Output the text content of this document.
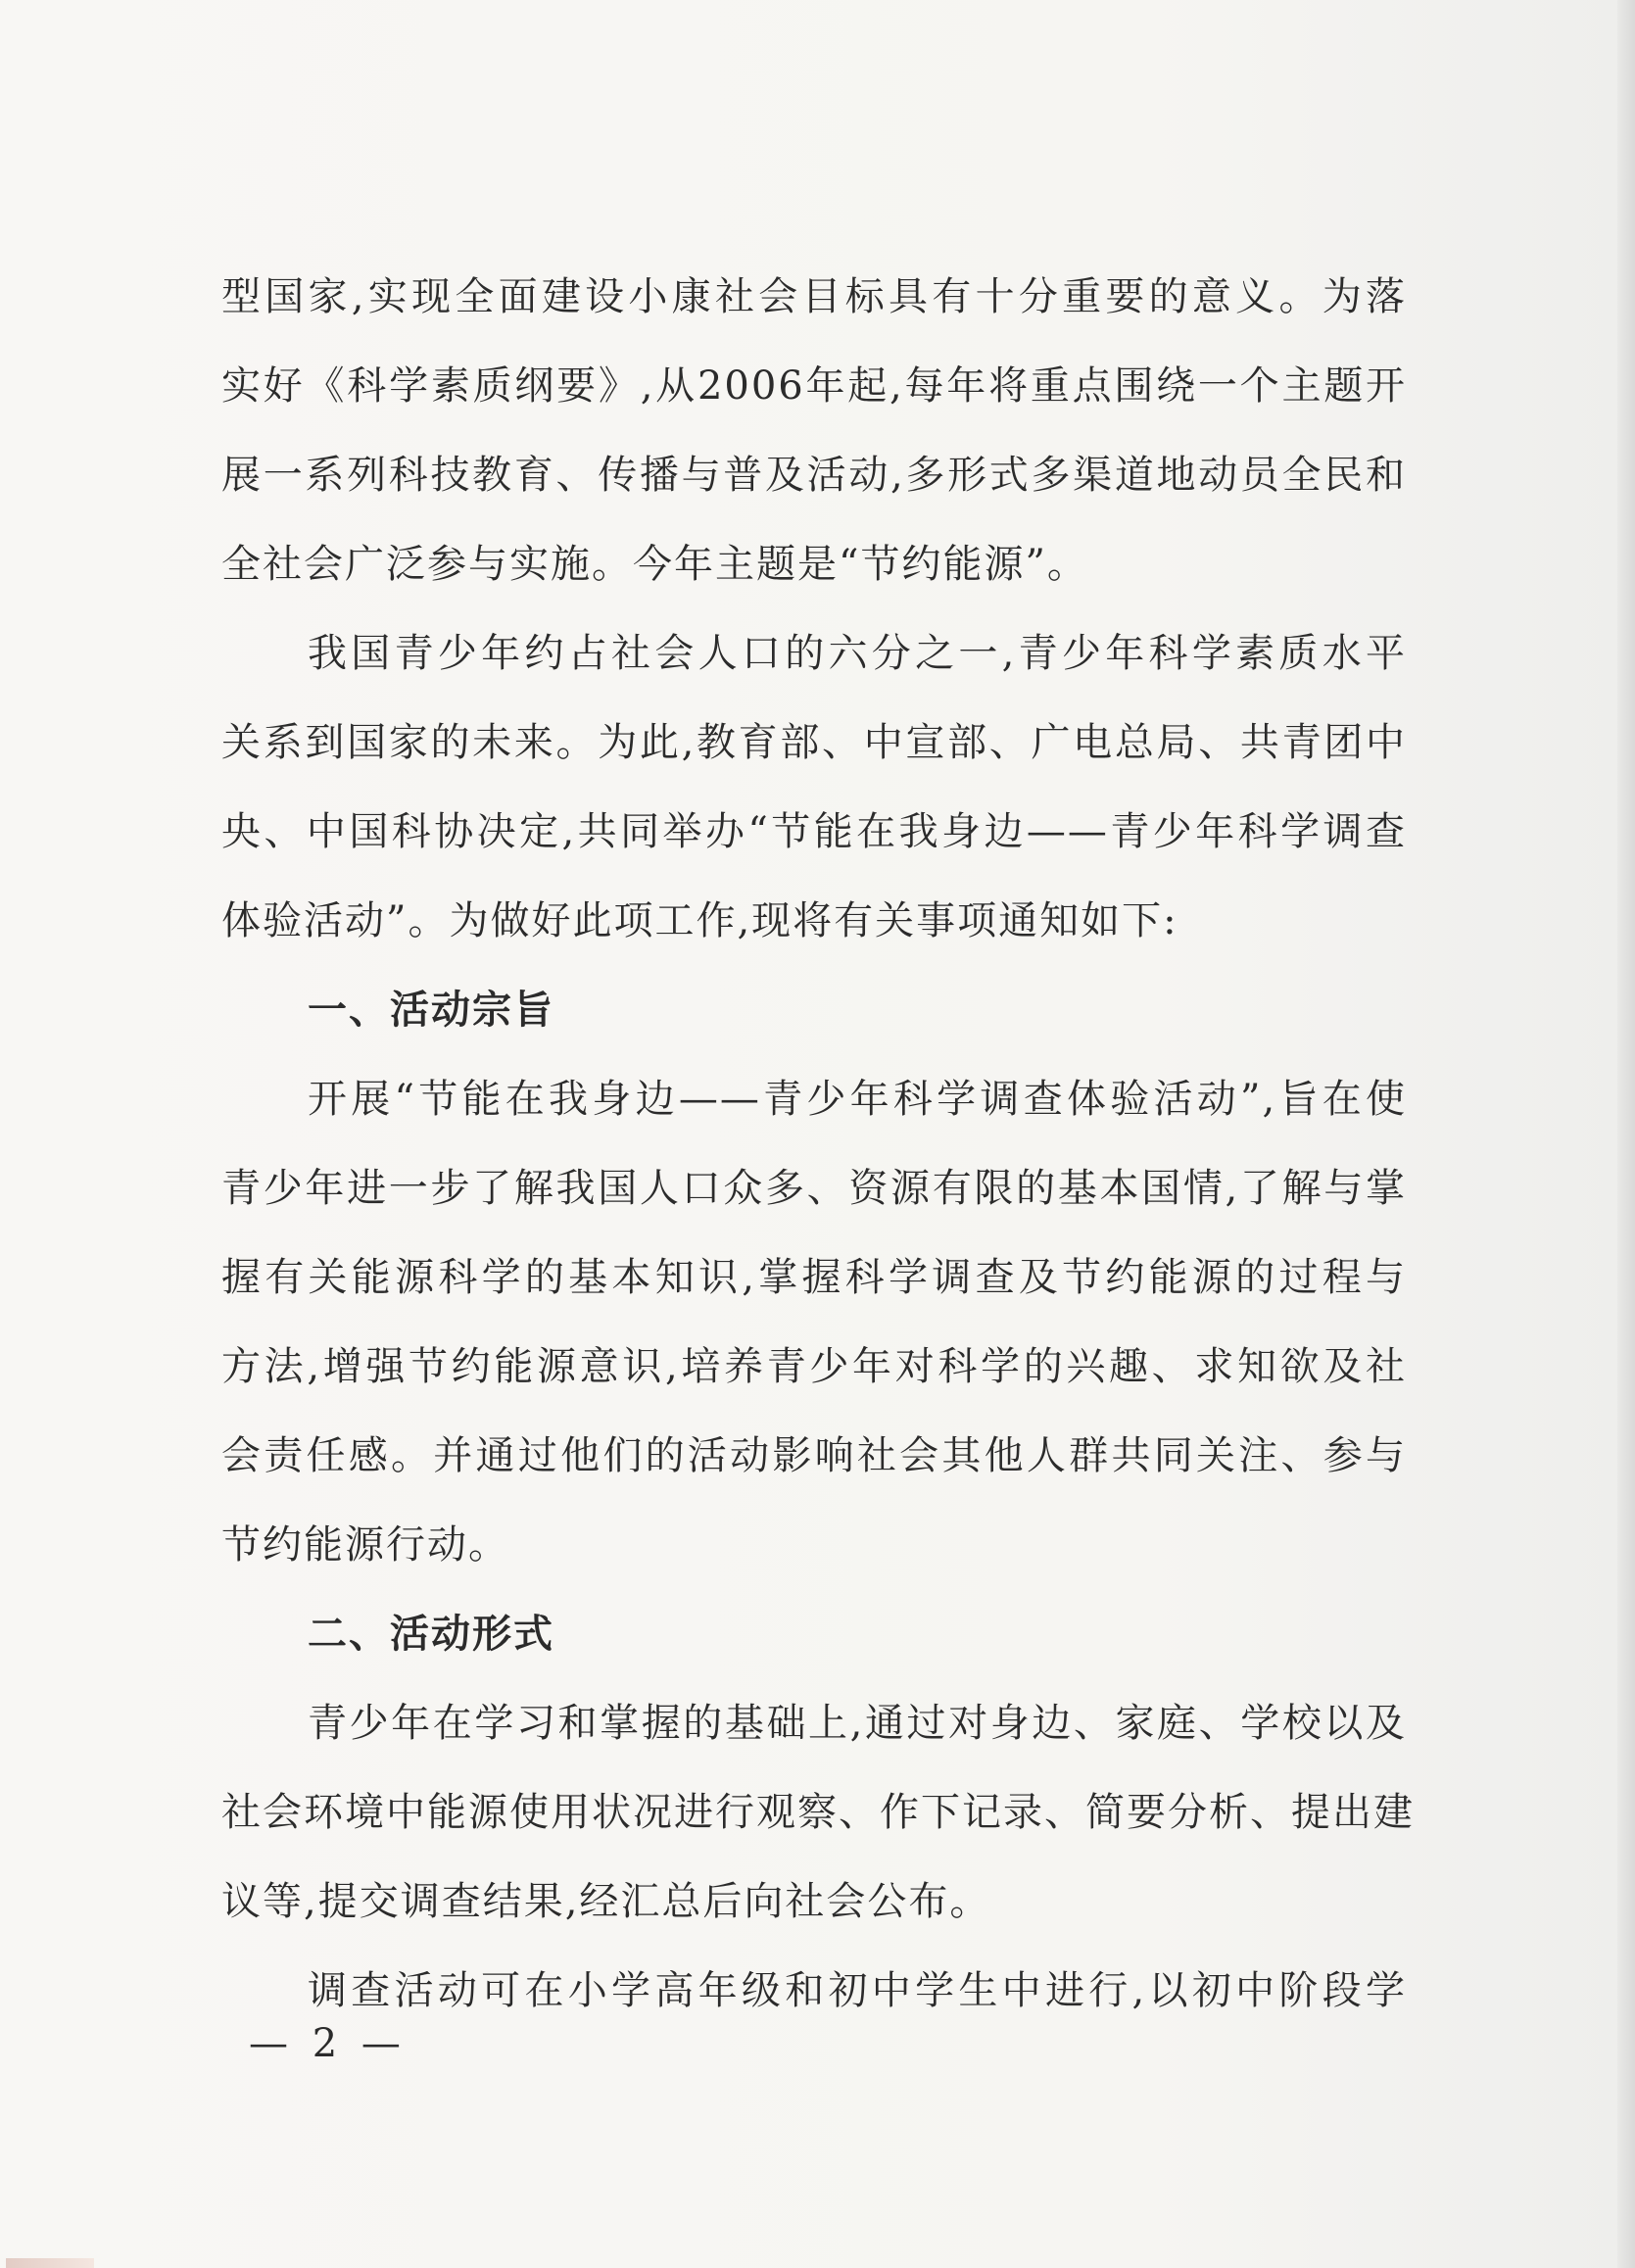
型国家,实现全面建设小康社会目标具有十分重要的意义。为落
实好《科学素质纲要》,从2006年起,每年将重点围绕一个主题开
展一系列科技教育、传播与普及活动,多形式多渠道地动员全民和
全社会广泛参与实施。今年主题是“节约能源”。
我国青少年约占社会人口的六分之一,青少年科学素质水平
关系到国家的未来。为此,教育部、中宣部、广电总局、共青团中
央、中国科协决定,共同举办“节能在我身边——青少年科学调查
体验活动”。为做好此项工作,现将有关事项通知如下:
一、活动宗旨
开展“节能在我身边——青少年科学调查体验活动”,旨在使
青少年进一步了解我国人口众多、资源有限的基本国情,了解与掌
握有关能源科学的基本知识,掌握科学调查及节约能源的过程与
方法,增强节约能源意识,培养青少年对科学的兴趣、求知欲及社
会责任感。并通过他们的活动影响社会其他人群共同关注、参与
节约能源行动。
二、活动形式
青少年在学习和掌握的基础上,通过对身边、家庭、学校以及
社会环境中能源使用状况进行观察、作下记录、简要分析、提出建
议等,提交调查结果,经汇总后向社会公布。
调查活动可在小学高年级和初中学生中进行,以初中阶段学
— 2 —
